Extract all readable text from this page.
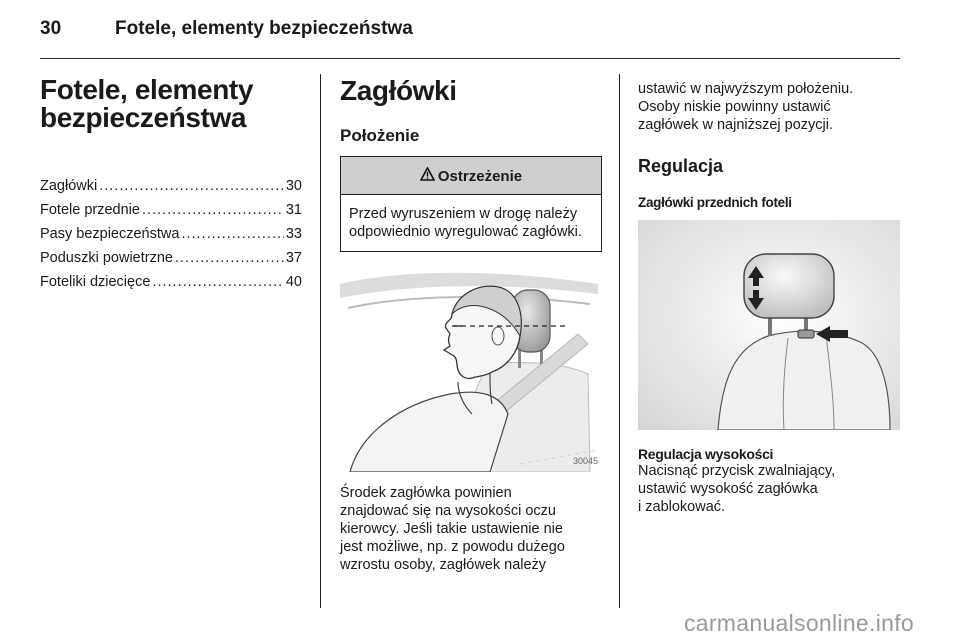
30	Fotele, elementy bezpieczeństwa
Fotele, elementy
bezpieczeństwa
Zagłówki .....	30
Fotele przednie .....	31
Pasy bezpieczeństwa .....	33
Poduszki powietrzne .....	37
Foteliki dziecięce .....	40
Zagłówki
Położenie
Ostrzeżenie
Przed wyruszeniem w drogę należy odpowiednio wyregulować zagłówki.
30045

Środek zagłówka powinien
znajdować się na wysokości oczu
kierowcy. Jeśli takie ustawienie nie
jest możliwe, np. z powodu dużego
wzrostu osoby, zagłówek należy

ustawić w najwyższym położeniu.
Osoby niskie powinny ustawić
zagłówek w najniższej pozycji.

Regulacja
Zagłówki przednich foteli
Regulacja wysokości

Nacisnąć przycisk zwalniający,
ustawić wysokość zagłówka
i zablokować.

carmanualsonline.info
